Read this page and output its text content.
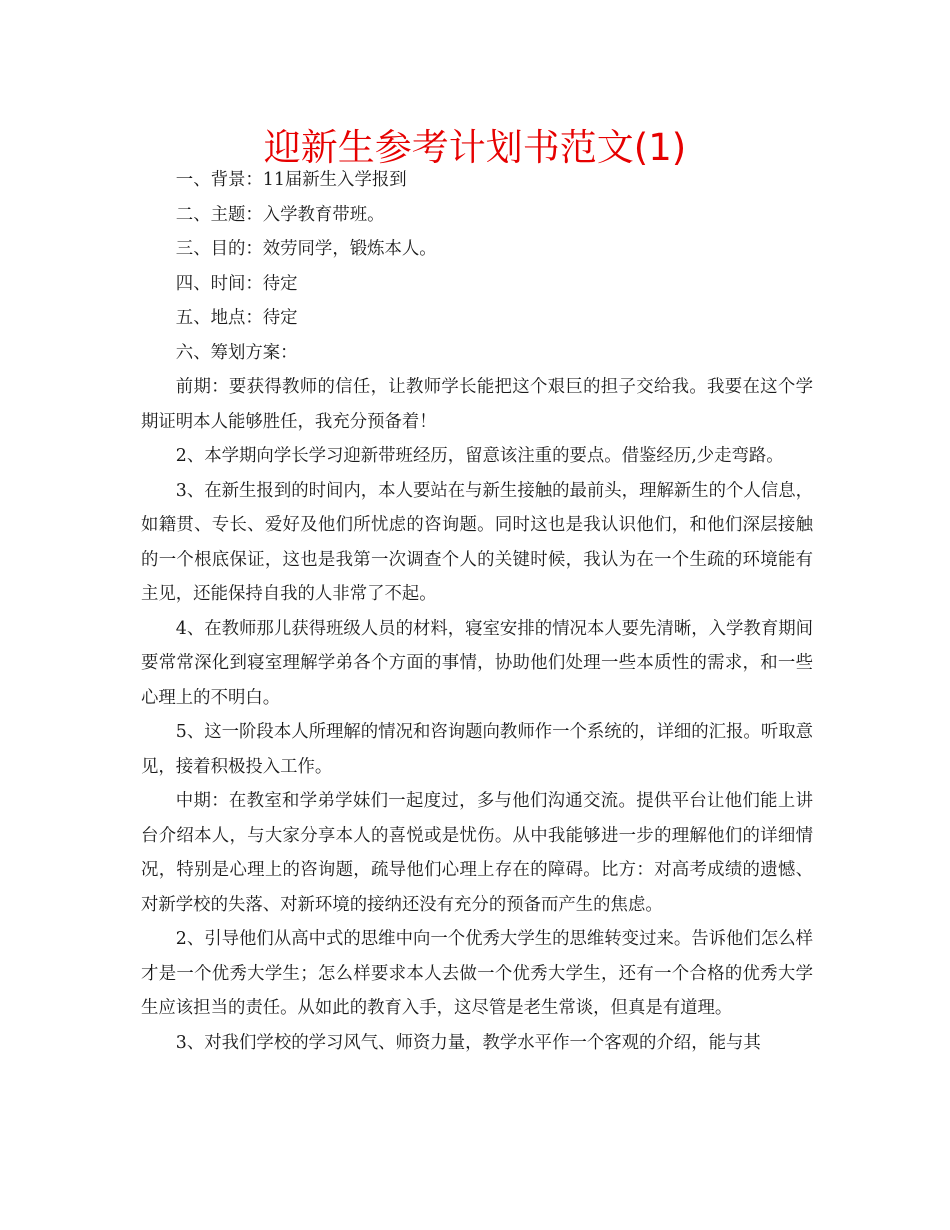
迎新生参考计划书范文(1)

一、背景：11届新生入学报到

二、主题：入学教育带班。

三、目的：效劳同学，锻炼本人。

四、时间：待定

五、地点：待定

六、筹划方案：

前期：要获得教师的信任，让教师学长能把这个艰巨的担子交给我。我要在这个学期证明本人能够胜任，我充分预备着！

2、本学期向学长学习迎新带班经历，留意该注重的要点。借鉴经历,少走弯路。

3、在新生报到的时间内，本人要站在与新生接触的最前头，理解新生的个人信息，如籍贯、专长、爱好及他们所忧虑的咨询题。同时这也是我认识他们，和他们深层接触的一个根底保证，这也是我第一次调查个人的关键时候，我认为在一个生疏的环境能有主见，还能保持自我的人非常了不起。

4、在教师那儿获得班级人员的材料，寝室安排的情况本人要先清晰，入学教育期间要常常深化到寝室理解学弟各个方面的事情，协助他们处理一些本质性的需求，和一些心理上的不明白。

5、这一阶段本人所理解的情况和咨询题向教师作一个系统的，详细的汇报。听取意见，接着积极投入工作。

中期：在教室和学弟学妹们一起度过，多与他们沟通交流。提供平台让他们能上讲台介绍本人，与大家分享本人的喜悦或是忧伤。从中我能够进一步的理解他们的详细情况，特别是心理上的咨询题，疏导他们心理上存在的障碍。比方：对高考成绩的遗憾、对新学校的失落、对新环境的接纳还没有充分的预备而产生的焦虑。

2、引导他们从高中式的思维中向一个优秀大学生的思维转变过来。告诉他们怎么样才是一个优秀大学生；怎么样要求本人去做一个优秀大学生，还有一个合格的优秀大学生应该担当的责任。从如此的教育入手，这尽管是老生常谈，但真是有道理。

3、对我们学校的学习风气、师资力量，教学水平作一个客观的介绍，能与其
